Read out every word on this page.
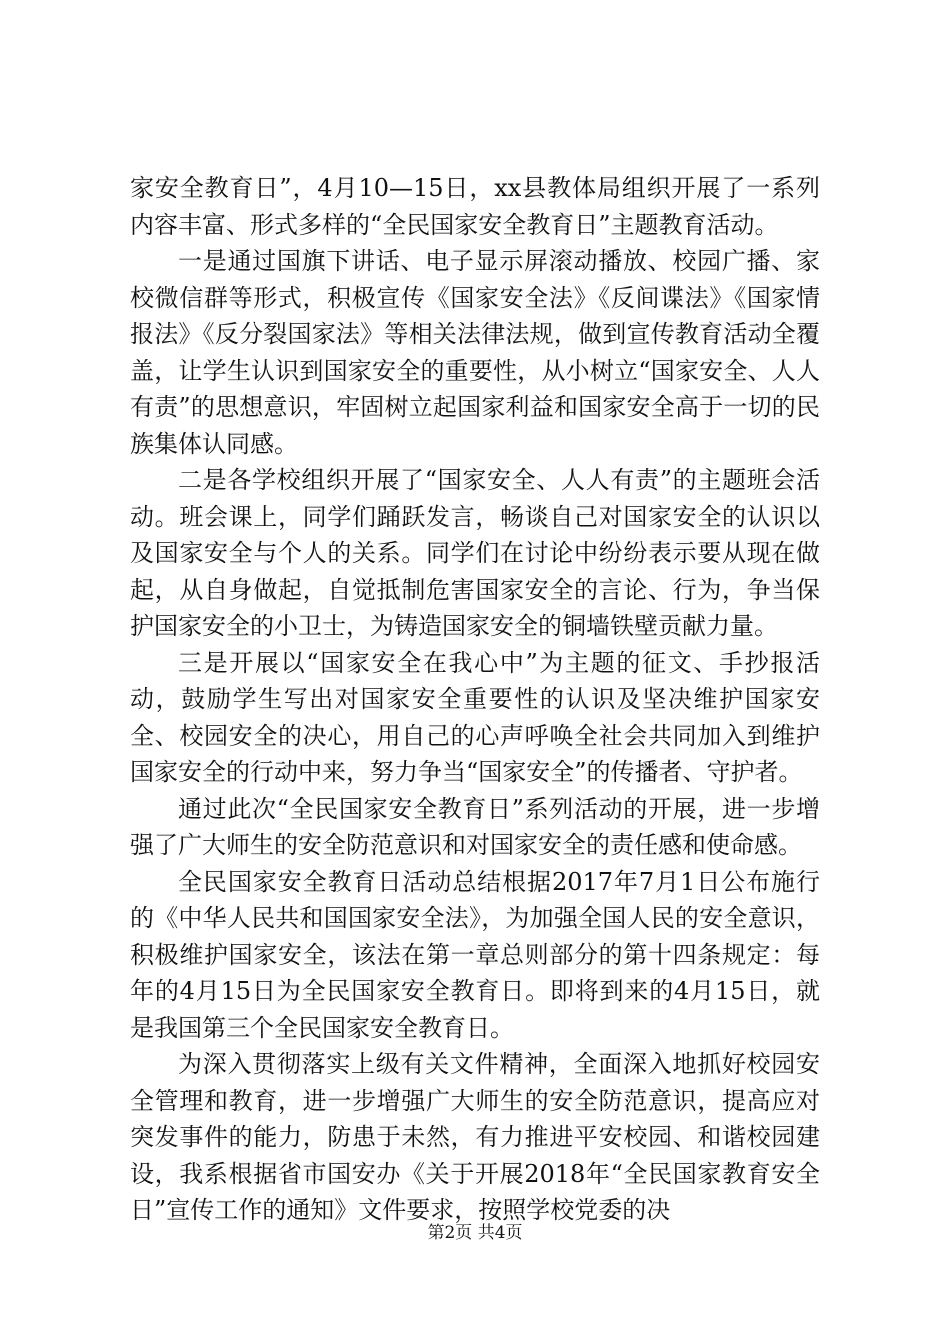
家安全教育日”，4月10—15日，xx县教体局组织开展了一系列内容丰富、形式多样的“全民国家安全教育日”主题教育活动。

一是通过国旗下讲话、电子显示屏滚动播放、校园广播、家校微信群等形式，积极宣传《国家安全法》《反间谍法》《国家情报法》《反分裂国家法》等相关法律法规，做到宣传教育活动全覆盖，让学生认识到国家安全的重要性，从小树立“国家安全、人人有责”的思想意识，牢固树立起国家利益和国家安全高于一切的民族集体认同感。

二是各学校组织开展了“国家安全、人人有责”的主题班会活动。班会课上，同学们踊跃发言，畅谈自己对国家安全的认识以及国家安全与个人的关系。同学们在讨论中纷纷表示要从现在做起，从自身做起，自觉抵制危害国家安全的言论、行为，争当保护国家安全的小卫士，为铸造国家安全的铜墙铁壁贡献力量。

三是开展以“国家安全在我心中”为主题的征文、手抄报活动，鼓励学生写出对国家安全重要性的认识及坚决维护国家安全、校园安全的决心，用自己的心声呼唤全社会共同加入到维护国家安全的行动中来，努力争当“国家安全”的传播者、守护者。

通过此次“全民国家安全教育日”系列活动的开展，进一步增强了广大师生的安全防范意识和对国家安全的责任感和使命感。

全民国家安全教育日活动总结根据2017年7月1日公布施行的《中华人民共和国国家安全法》，为加强全国人民的安全意识，积极维护国家安全，该法在第一章总则部分的第十四条规定：每年的4月15日为全民国家安全教育日。即将到来的4月15日，就是我国第三个全民国家安全教育日。

为深入贯彻落实上级有关文件精神，全面深入地抓好校园安全管理和教育，进一步增强广大师生的安全防范意识，提高应对突发事件的能力，防患于未然，有力推进平安校园、和谐校园建设，我系根据省市国安办《关于开展2018年“全民国家教育安全日”宣传工作的通知》文件要求，按照学校党委的决

第2页 共4页
